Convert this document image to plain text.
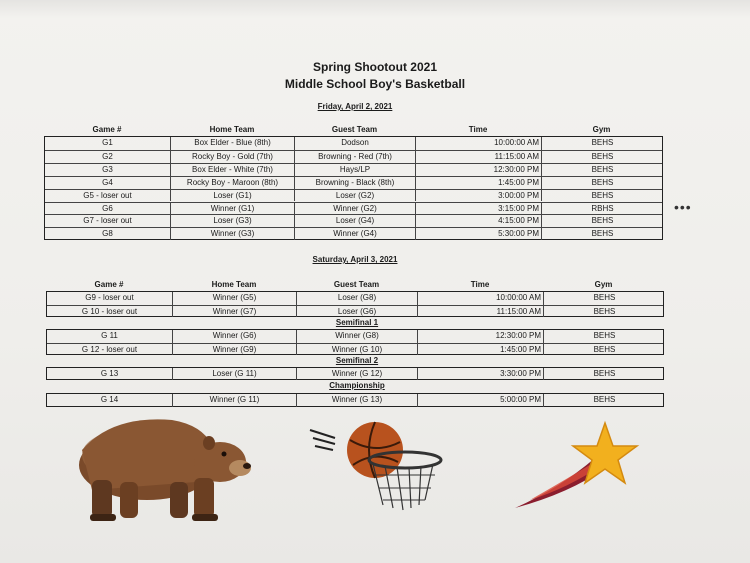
Spring Shootout 2021
Middle School Boy's Basketball
Friday, April 2, 2021
Game #	Home Team	Guest Team	Time	Gym
G1	Box Elder - Blue (8th)	Dodson	10:00:00 AM	BEHS
G2	Rocky Boy - Gold (7th)	Browning - Red (7th)	11:15:00 AM	BEHS
G3	Box Elder - White (7th)	Hays/LP	12:30:00 PM	BEHS
G4	Rocky Boy - Maroon (8th)	Browning - Black (8th)	1:45:00 PM	BEHS
G5 - loser out	Loser (G1)	Loser (G2)	3:00:00 PM	BEHS
G6	Winner (G1)	Winner (G2)	3:15:00 PM	RBHS
G7 - loser out	Loser (G3)	Loser (G4)	4:15:00 PM	BEHS
G8	Winner (G3)	Winner (G4)	5:30:00 PM	BEHS
Saturday, April 3, 2021
Game #	Home Team	Guest Team	Time	Gym
G9 - loser out	Winner (G5)	Loser (G8)	10:00:00 AM	BEHS
G 10 - loser out	Winner (G7)	Loser (G6)	11:15:00 AM	BEHS
Semifinal 1
G 11	Winner (G6)	Winner (G8)	12:30:00 PM	BEHS
G 12 - loser out	Winner (G9)	Winner (G 10)	1:45:00 PM	BEHS
Semifinal 2
G 13	Loser (G 11)	Winner (G 12)	3:30:00 PM	BEHS
Championship
G 14	Winner (G 11)	Winner (G 13)	5:00:00 PM	BEHS
•••
